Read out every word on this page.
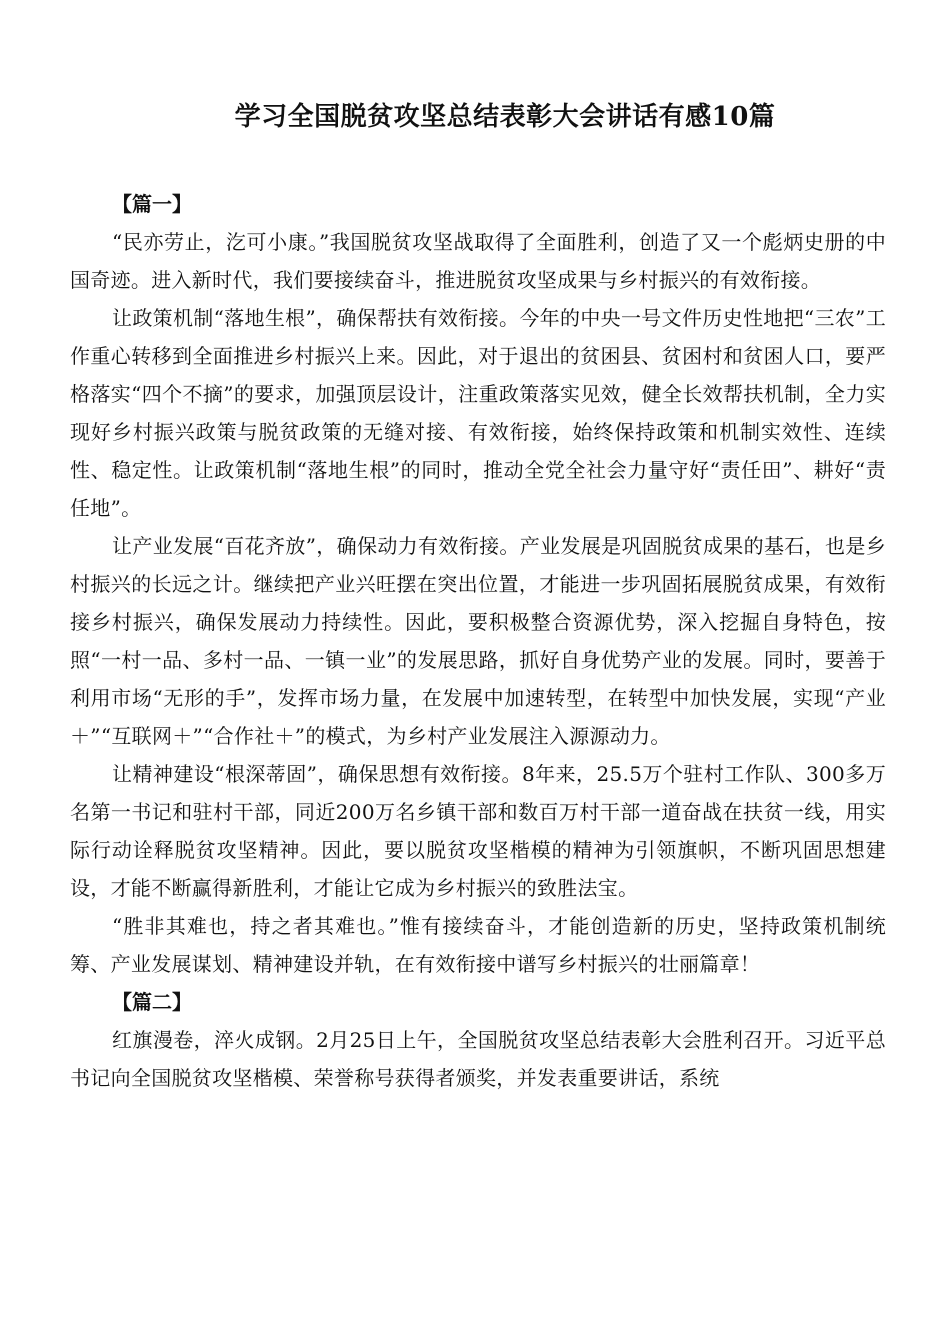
学习全国脱贫攻坚总结表彰大会讲话有感10篇

【篇一】

“民亦劳止，汔可小康。”我国脱贫攻坚战取得了全面胜利，创造了又一个彪炳史册的中国奇迹。进入新时代，我们要接续奋斗，推进脱贫攻坚成果与乡村振兴的有效衔接。

让政策机制“落地生根”，确保帮扶有效衔接。今年的中央一号文件历史性地把“三农”工作重心转移到全面推进乡村振兴上来。因此，对于退出的贫困县、贫困村和贫困人口，要严格落实“四个不摘”的要求，加强顶层设计，注重政策落实见效，健全长效帮扶机制，全力实现好乡村振兴政策与脱贫政策的无缝对接、有效衔接，始终保持政策和机制实效性、连续性、稳定性。让政策机制“落地生根”的同时，推动全党全社会力量守好“责任田”、耕好“责任地”。

让产业发展“百花齐放”，确保动力有效衔接。产业发展是巩固脱贫成果的基石，也是乡村振兴的长远之计。继续把产业兴旺摆在突出位置，才能进一步巩固拓展脱贫成果，有效衔接乡村振兴，确保发展动力持续性。因此，要积极整合资源优势，深入挖掘自身特色，按照“一村一品、多村一品、一镇一业”的发展思路，抓好自身优势产业的发展。同时，要善于利用市场“无形的手”，发挥市场力量，在发展中加速转型，在转型中加快发展，实现“产业＋”“互联网＋”“合作社＋”的模式，为乡村产业发展注入源源动力。

让精神建设“根深蒂固”，确保思想有效衔接。8年来，25.5万个驻村工作队、300多万名第一书记和驻村干部，同近200万名乡镇干部和数百万村干部一道奋战在扶贫一线，用实际行动诠释脱贫攻坚精神。因此，要以脱贫攻坚楷模的精神为引领旗帜，不断巩固思想建设，才能不断赢得新胜利，才能让它成为乡村振兴的致胜法宝。

“胜非其难也，持之者其难也。”惟有接续奋斗，才能创造新的历史，坚持政策机制统筹、产业发展谋划、精神建设并轨，在有效衔接中谱写乡村振兴的壮丽篇章！

【篇二】

红旗漫卷，淬火成钢。2月25日上午，全国脱贫攻坚总结表彰大会胜利召开。习近平总书记向全国脱贫攻坚楷模、荣誉称号获得者颁奖，并发表重要讲话，系统
